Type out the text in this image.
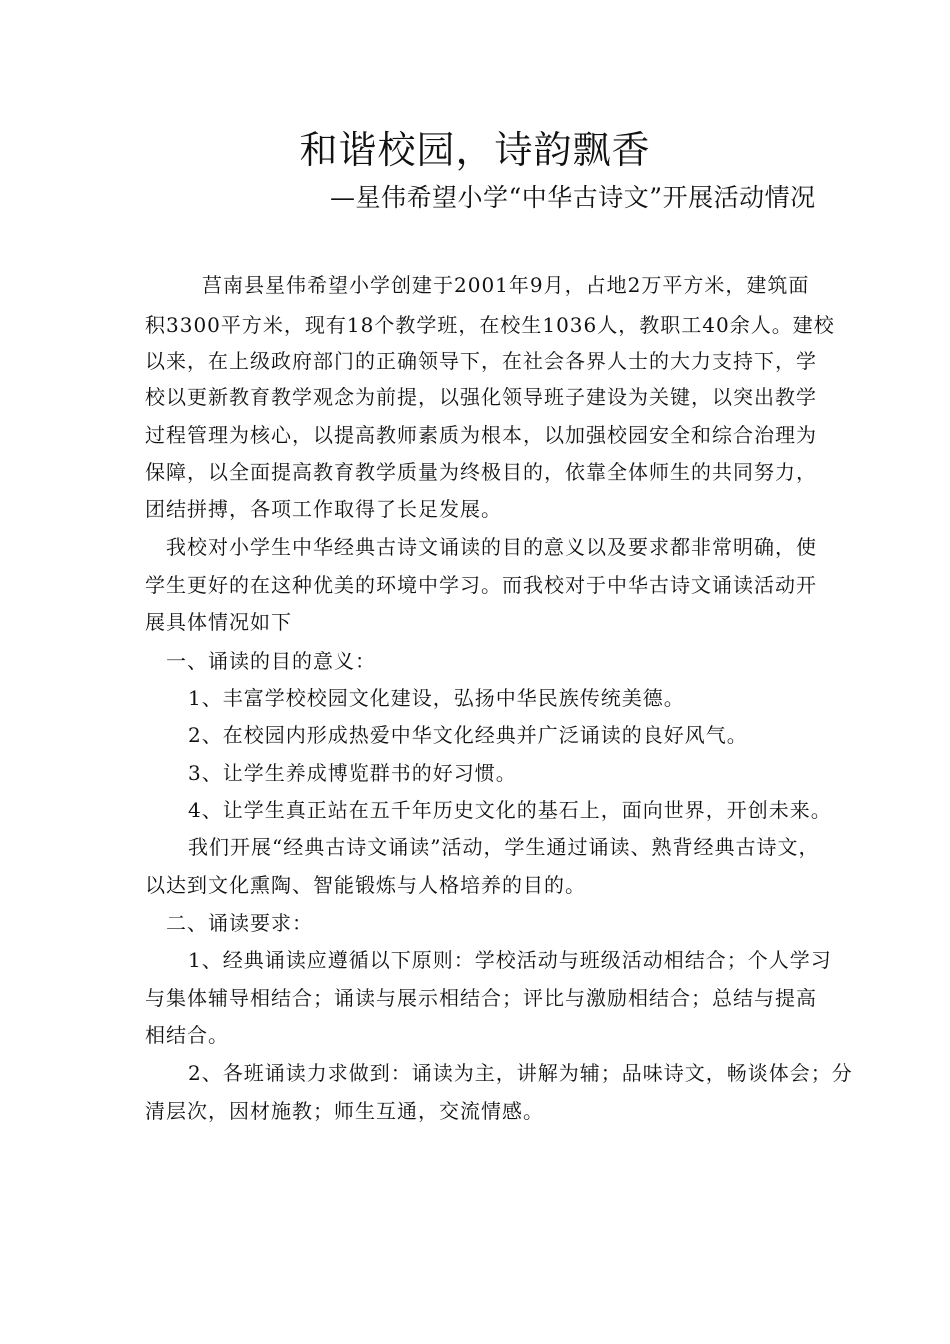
和谐校园，诗韵飘香
—星伟希望小学“中华古诗文”开展活动情况
莒南县星伟希望小学创建于2001年9月，占地2万平方米，建筑面
积3300平方米，现有18个教学班，在校生1036人，教职工40余人。建校
以来，在上级政府部门的正确领导下，在社会各界人士的大力支持下，学
校以更新教育教学观念为前提，以强化领导班子建设为关键，以突出教学
过程管理为核心，以提高教师素质为根本，以加强校园安全和综合治理为
保障，以全面提高教育教学质量为终极目的，依靠全体师生的共同努力，
团结拼搏，各项工作取得了长足发展。
我校对小学生中华经典古诗文诵读的目的意义以及要求都非常明确，使
学生更好的在这种优美的环境中学习。而我校对于中华古诗文诵读活动开
展具体情况如下
一、诵读的目的意义：
1、丰富学校校园文化建设，弘扬中华民族传统美德。
2、在校园内形成热爱中华文化经典并广泛诵读的良好风气。
3、让学生养成博览群书的好习惯。
4、让学生真正站在五千年历史文化的基石上，面向世界，开创未来。
我们开展“经典古诗文诵读”活动，学生通过诵读、熟背经典古诗文，
以达到文化熏陶、智能锻炼与人格培养的目的。
二、诵读要求：
1、经典诵读应遵循以下原则：学校活动与班级活动相结合；个人学习
与集体辅导相结合；诵读与展示相结合；评比与激励相结合；总结与提高
相结合。
2、各班诵读力求做到：诵读为主，讲解为辅；品味诗文，畅谈体会；分
清层次，因材施教；师生互通，交流情感。
